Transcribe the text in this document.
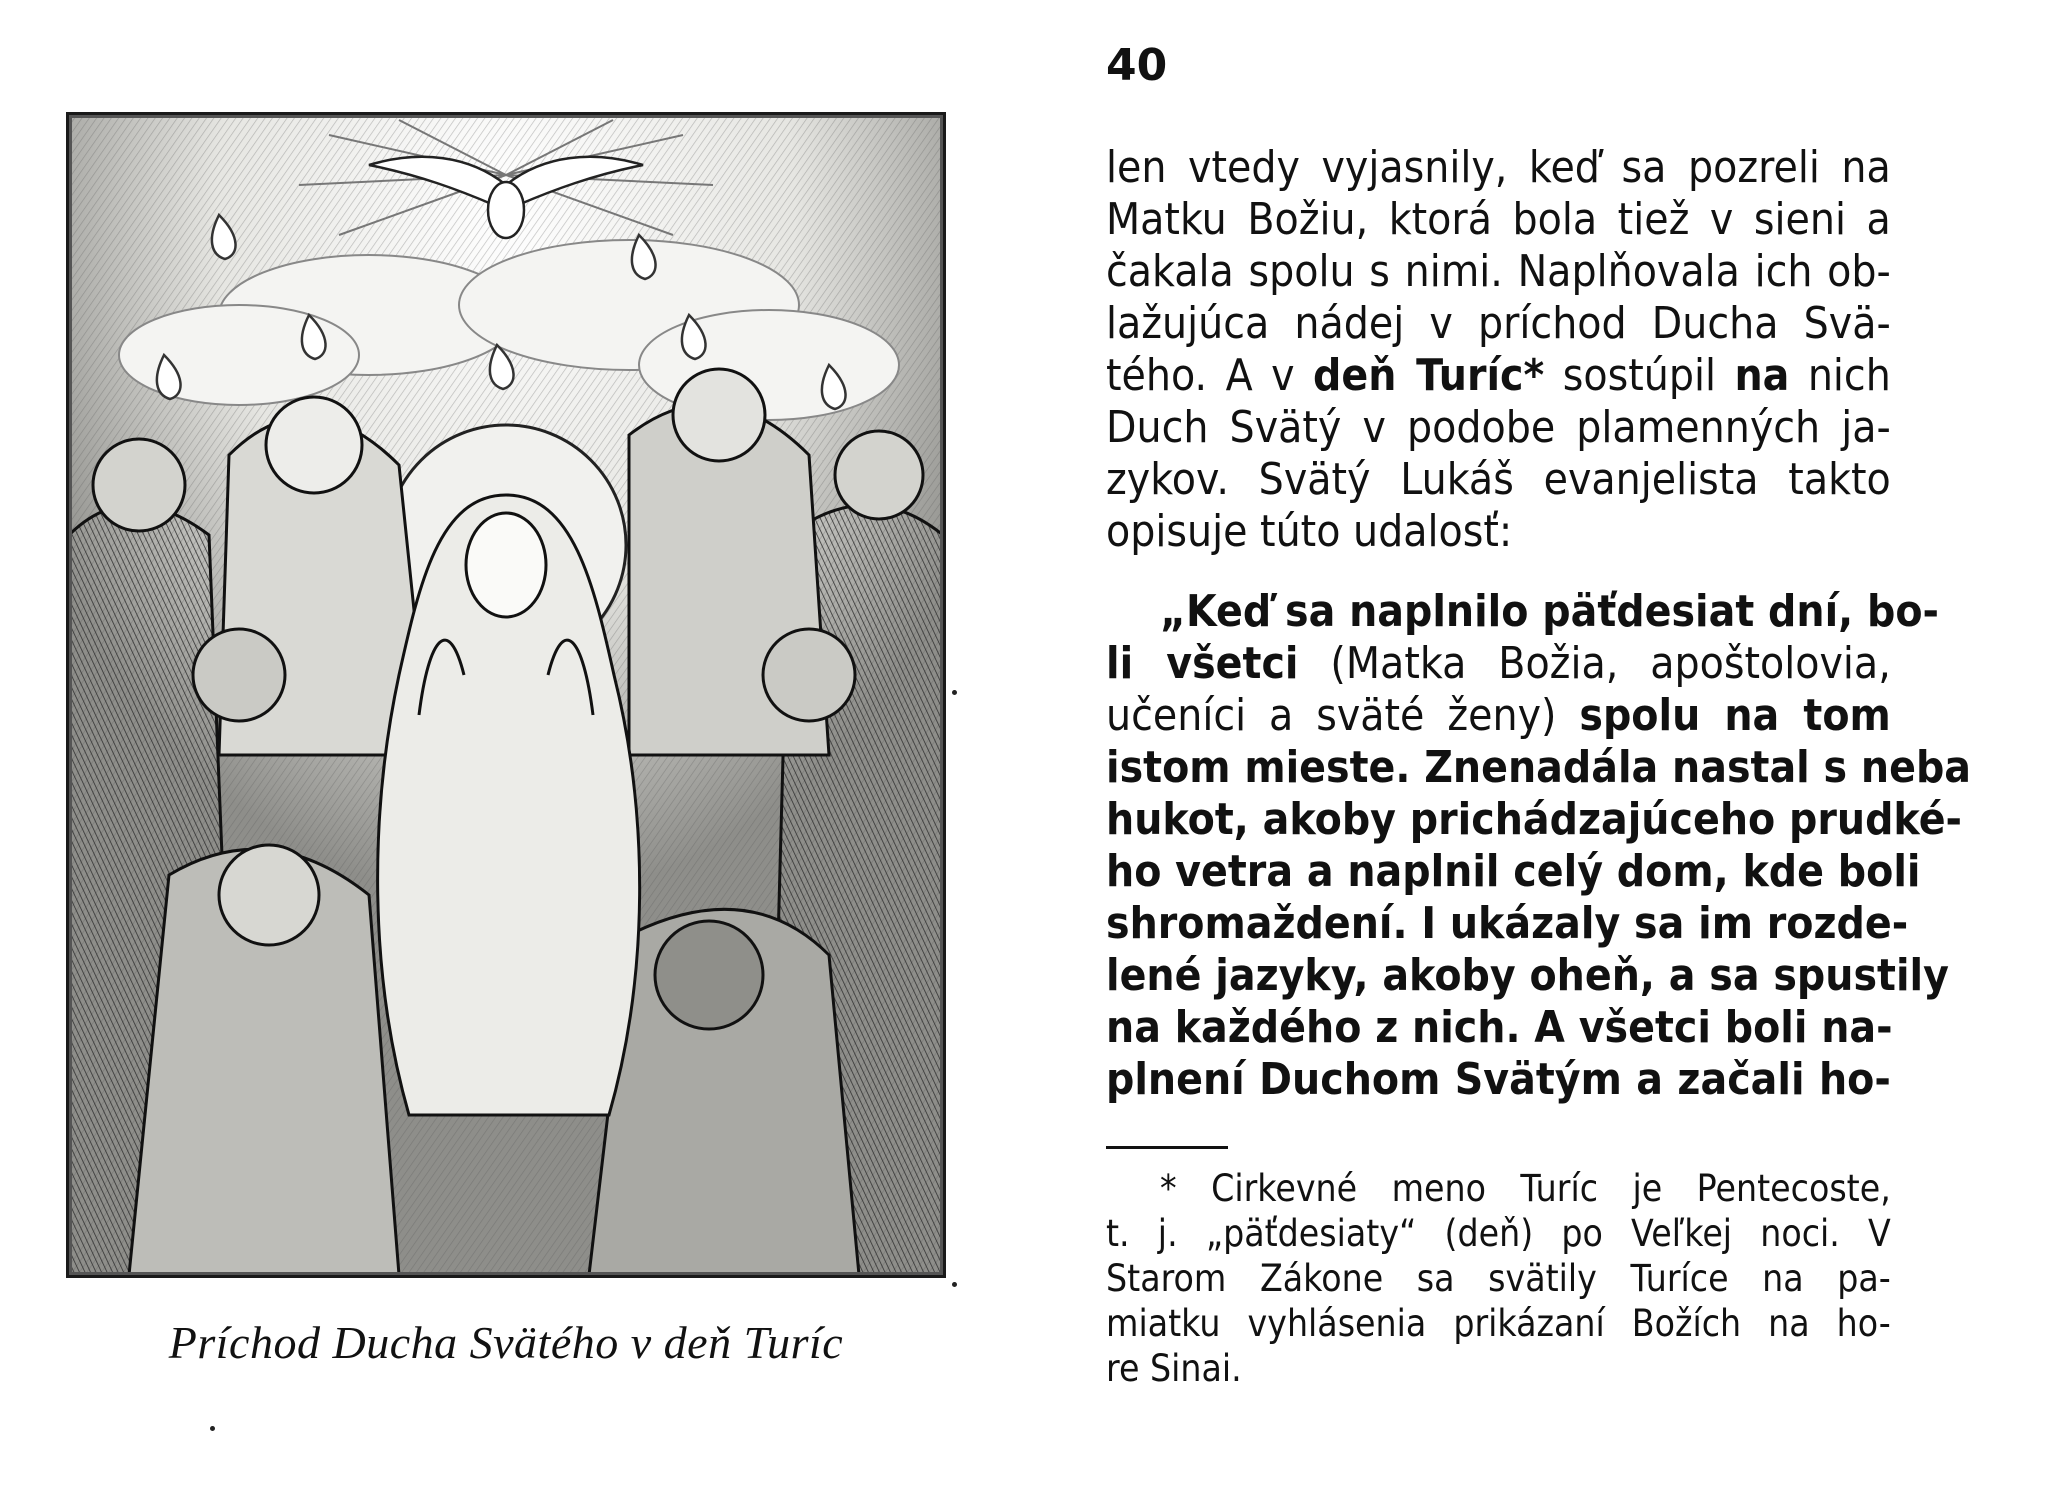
Príchod Ducha Svätého v deň Turíc
40
len vtedy vyjasnily, keď sa pozreli na
Matku Božiu, ktorá bola tiež v sieni a
čakala spolu s nimi. Naplňovala ich ob-
lažujúca nádej v príchod Ducha Svä-
tého. A v deň Turíc* sostúpil na nich
Duch Svätý v podobe plamenných ja-
zykov. Svätý Lukáš evanjelista takto
opisuje túto udalosť:
„Keď sa naplnilo päťdesiat dní, bo-
li všetci (Matka Božia, apoštolovia,
učeníci a sväté ženy) spolu na tom
istom mieste. Znenadála nastal s neba
hukot, akoby prichádzajúceho prudké-
ho vetra a naplnil celý dom, kde boli
shromaždení. I ukázaly sa im rozde-
lené jazyky, akoby oheň, a sa spustily
na každého z nich. A všetci boli na-
plnení Duchom Svätým a začali ho-
* Cirkevné meno Turíc je Pentecoste,
t. j. „päťdesiaty“ (deň) po Veľkej noci. V
Starom Zákone sa svätily Turíce na pa-
miatku vyhlásenia prikázaní Božích na ho-
re Sinai.
